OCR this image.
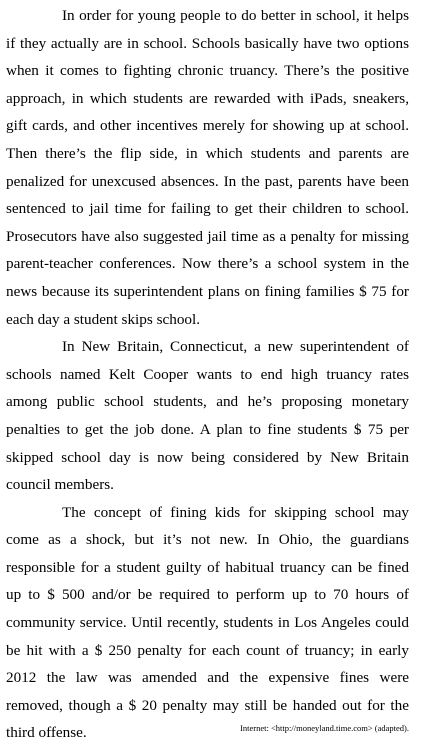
In order for young people to do better in school, it helps if they actually are in school. Schools basically have two options when it comes to fighting chronic truancy. There’s the positive approach, in which students are rewarded with iPads, sneakers, gift cards, and other incentives merely for showing up at school. Then there’s the flip side, in which students and parents are penalized for unexcused absences. In the past, parents have been sentenced to jail time for failing to get their children to school. Prosecutors have also suggested jail time as a penalty for missing parent-teacher conferences. Now there’s a school system in the news because its superintendent plans on fining families $ 75 for each day a student skips school.

In New Britain, Connecticut, a new superintendent of schools named Kelt Cooper wants to end high truancy rates among public school students, and he’s proposing monetary penalties to get the job done. A plan to fine students $ 75 per skipped school day is now being considered by New Britain council members.

The concept of fining kids for skipping school may come as a shock, but it’s not new. In Ohio, the guardians responsible for a student guilty of habitual truancy can be fined up to $ 500 and/or be required to perform up to 70 hours of community service. Until recently, students in Los Angeles could be hit with a $ 250 penalty for each count of truancy; in early 2012 the law was amended and the expensive fines were removed, though a $ 20 penalty may still be handed out for the third offense.	Internet: <http://moneyland.time.com> (adapted).
